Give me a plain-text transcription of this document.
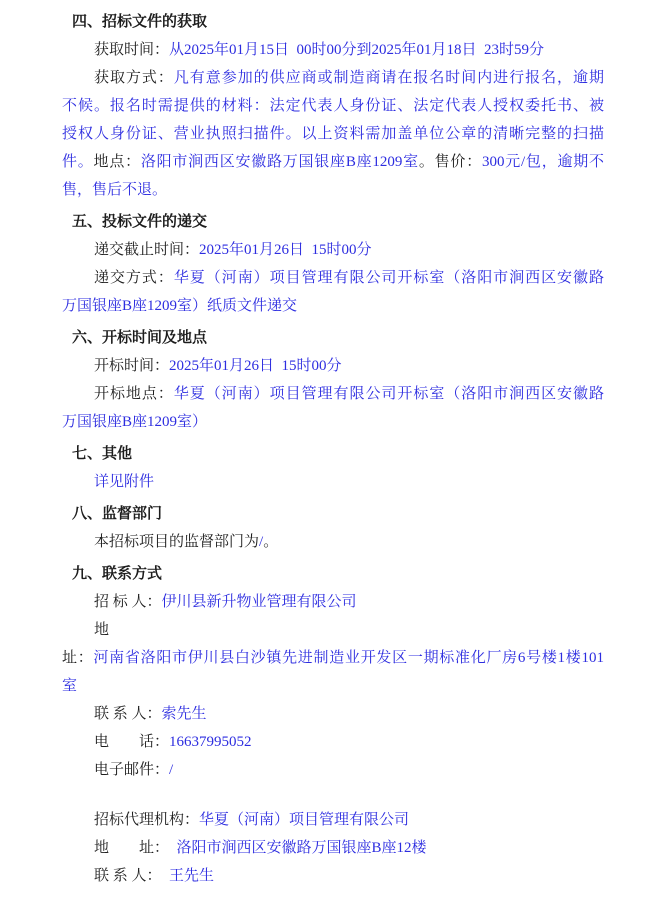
四、招标文件的获取
获取时间：从2025年01月15日  00时00分到2025年01月18日  23时59分
获取方式：凡有意参加的供应商或制造商请在报名时间内进行报名，逾期
不候。报名时需提供的材料：法定代表人身份证、法定代表人授权委托书、被
授权人身份证、营业执照扫描件。以上资料需加盖单位公章的清晰完整的扫描
件。地点：洛阳市涧西区安徽路万国银座B座1209室。售价：300元/包，逾期不
售，售后不退。
五、投标文件的递交
递交截止时间：2025年01月26日  15时00分
递交方式：华夏（河南）项目管理有限公司开标室（洛阳市涧西区安徽路
万国银座B座1209室）纸质文件递交
六、开标时间及地点
开标时间：2025年01月26日  15时00分
开标地点：华夏（河南）项目管理有限公司开标室（洛阳市涧西区安徽路
万国银座B座1209室）
七、其他
详见附件
八、监督部门
本招标项目的监督部门为/。
九、联系方式
招 标 人：伊川县新升物业管理有限公司
地
址：河南省洛阳市伊川县白沙镇先进制造业开发区一期标准化厂房6号楼1楼101
室
联 系 人：索先生
电　　话：16637995052
电子邮件：/
招标代理机构：华夏（河南）项目管理有限公司
地　　址：  洛阳市涧西区安徽路万国银座B座12楼
联 系 人：  王先生
